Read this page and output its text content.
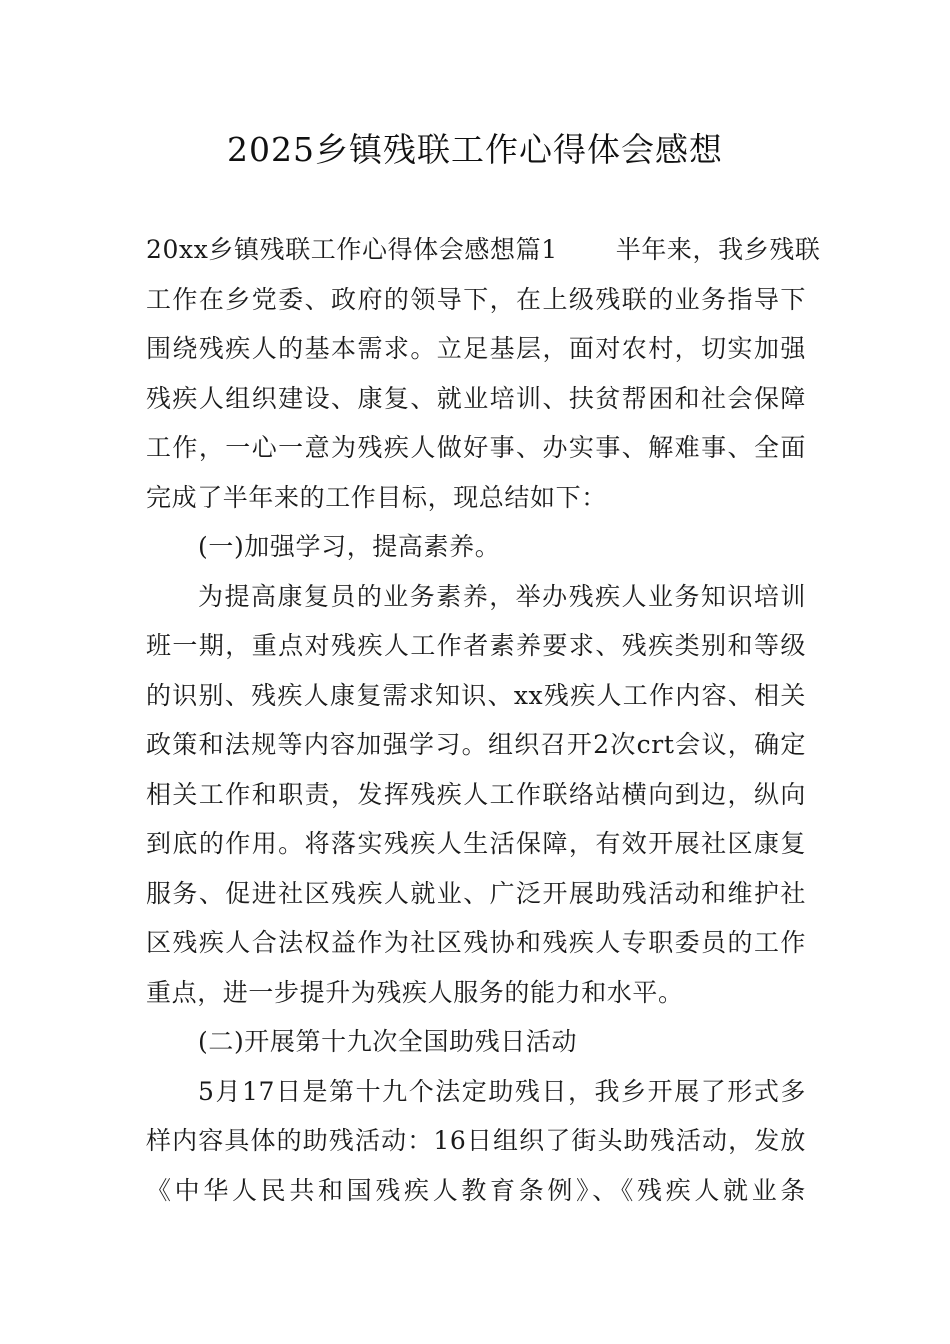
2025乡镇残联工作心得体会感想
20xx乡镇残联工作心得体会感想篇1 半年来，我乡残联
工作在乡党委、政府的领导下，在上级残联的业务指导下
围绕残疾人的基本需求。立足基层，面对农村，切实加强
残疾人组织建设、康复、就业培训、扶贫帮困和社会保障
工作，一心一意为残疾人做好事、办实事、解难事、全面
完成了半年来的工作目标，现总结如下：
(一)加强学习，提高素养。
为提高康复员的业务素养，举办残疾人业务知识培训
班一期，重点对残疾人工作者素养要求、残疾类别和等级
的识别、残疾人康复需求知识、xx残疾人工作内容、相关
政策和法规等内容加强学习。组织召开2次crt会议，确定
相关工作和职责，发挥残疾人工作联络站横向到边，纵向
到底的作用。将落实残疾人生活保障，有效开展社区康复
服务、促进社区残疾人就业、广泛开展助残活动和维护社
区残疾人合法权益作为社区残协和残疾人专职委员的工作
重点，进一步提升为残疾人服务的能力和水平。
(二)开展第十九次全国助残日活动
5月17日是第十九个法定助残日，我乡开展了形式多
样内容具体的助残活动：16日组织了街头助残活动，发放
《中华人民共和国残疾人教育条例》、《残疾人就业条
